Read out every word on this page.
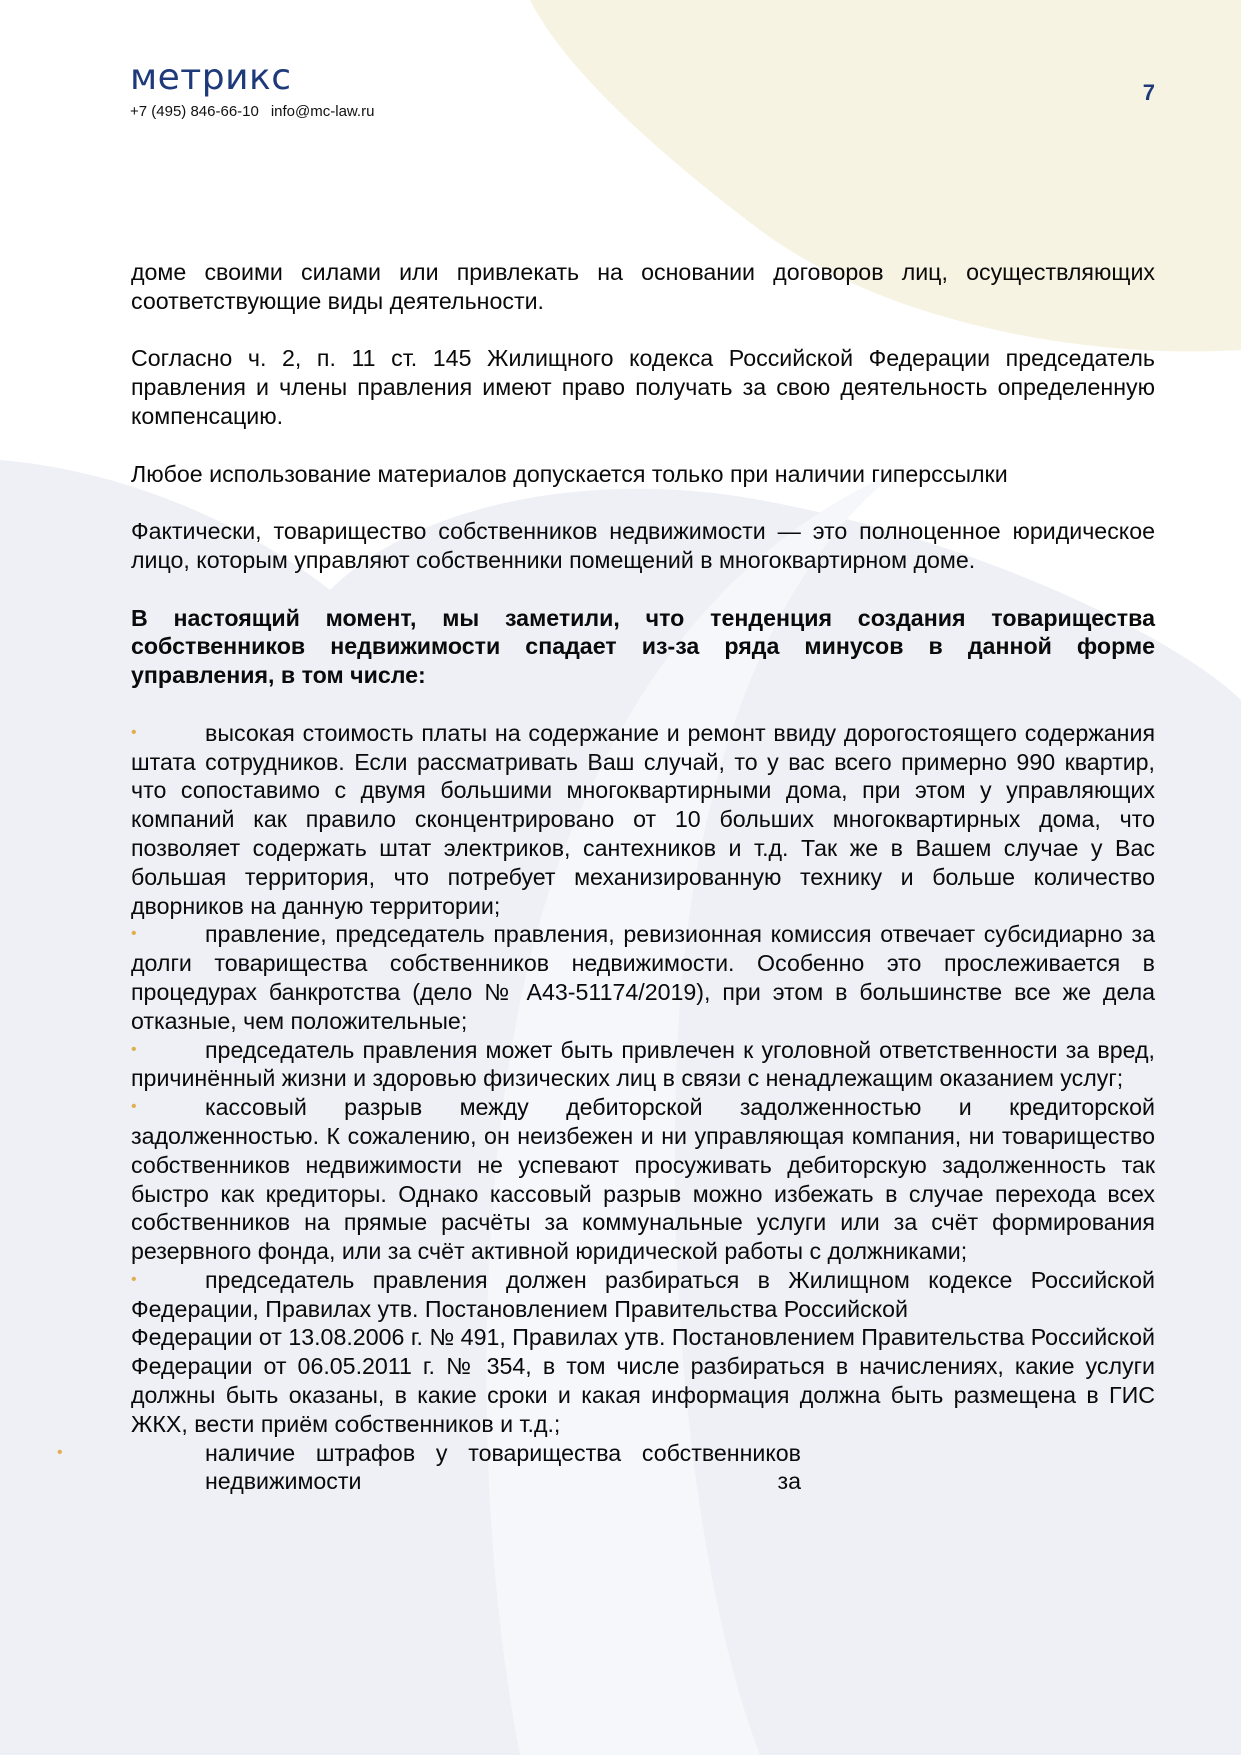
метрикс
+7 (495) 846-66-10 info@mc-law.ru
7

доме своими силами или привлекать на основании договоров лиц, осуществляющих соответствующие виды деятельности.

Согласно ч. 2, п. 11 ст. 145 Жилищного кодекса Российской Федерации председатель правления и члены правления имеют право получать за свою деятельность определенную компенсацию.

Любое использование материалов допускается только при наличии гиперссылки

Фактически, товарищество собственников недвижимости — это полноценное юридическое лицо, которым управляют собственники помещений в многоквартирном доме.

В настоящий момент, мы заметили, что тенденция создания товарищества собственников недвижимости спадает из-за ряда минусов в данной форме управления, в том числе:

•	высокая стоимость платы на содержание и ремонт ввиду дорогостоящего содержания штата сотрудников. Если рассматривать Ваш случай, то у вас всего примерно 990 квартир, что сопоставимо с двумя большими многоквартирными дома, при этом у управляющих компаний как правило сконцентрировано от 10 больших многоквартирных дома, что позволяет содержать штат электриков, сантехников и т.д. Так же в Вашем случае у Вас большая территория, что потребует механизированную технику и больше количество дворников на данную территории;
•	правление, председатель правления, ревизионная комиссия отвечает субсидиарно за долги товарищества собственников недвижимости. Особенно это прослеживается в процедурах банкротства (дело № А43-51174/2019), при этом в большинстве все же дела отказные, чем положительные;
•	председатель правления может быть привлечен к уголовной ответственности за вред, причинённый жизни и здоровью физических лиц в связи с ненадлежащим оказанием услуг;
•	кассовый разрыв между дебиторской задолженностью и кредиторской задолженностью. К сожалению, он неизбежен и ни управляющая компания, ни товарищество собственников недвижимости не успевают просуживать дебиторскую задолженность так быстро как кредиторы. Однако кассовый разрыв можно избежать в случае перехода всех собственников на прямые расчёты за коммунальные услуги или за счёт формирования резервного фонда, или за счёт активной юридической работы с должниками;
•	председатель правления должен разбираться в Жилищном кодексе Российской Федерации, Правилах утв. Постановлением Правительства Российской

Федерации от 13.08.2006 г. № 491, Правилах утв. Постановлением Правительства Российской Федерации от 06.05.2011 г. № 354, в том числе разбираться в начислениях, какие услуги должны быть оказаны, в какие сроки и какая информация должна быть размещена в ГИС ЖКХ, вести приём собственников и т.д.;

•	наличие штрафов у товарищества собственников недвижимости за
